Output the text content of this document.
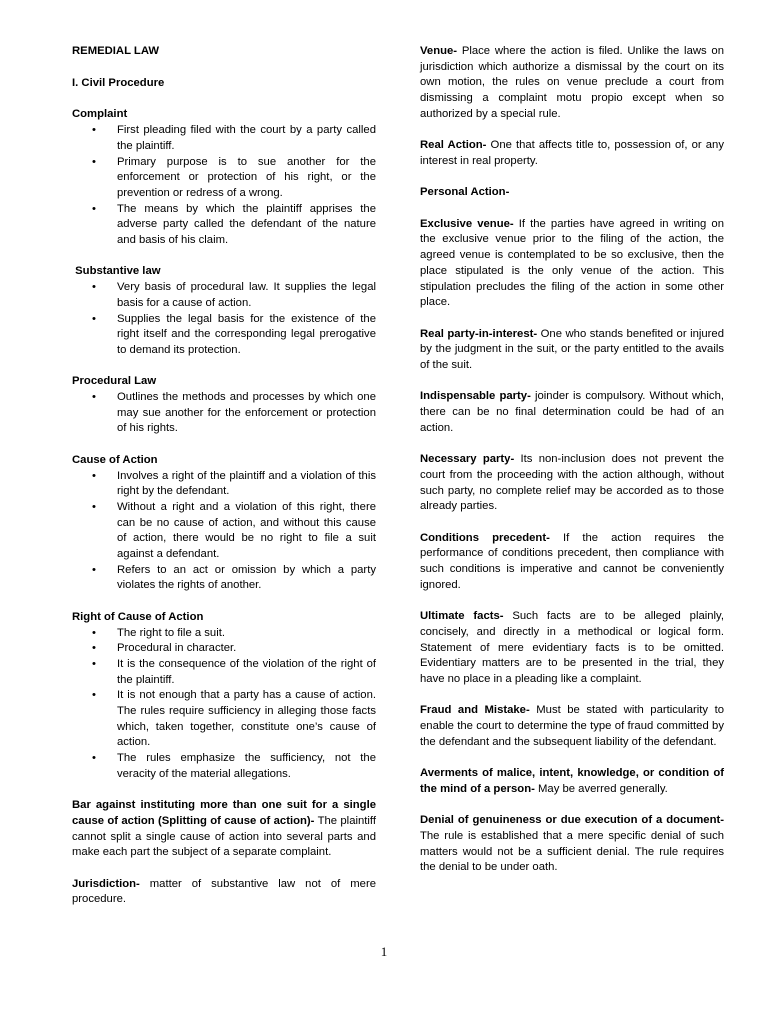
REMEDIAL LAW

I. Civil Procedure

Complaint
• First pleading filed with the court by a party called the plaintiff.
• Primary purpose is to sue another for the enforcement or protection of his right, or the prevention or redress of a wrong.
• The means by which the plaintiff apprises the adverse party called the defendant of the nature and basis of his claim.
Substantive law
• Very basis of procedural law. It supplies the legal basis for a cause of action.
• Supplies the legal basis for the existence of the right itself and the corresponding legal prerogative to demand its protection.
Procedural Law
• Outlines the methods and processes by which one may sue another for the enforcement or protection of his rights.
Cause of Action
• Involves a right of the plaintiff and a violation of this right by the defendant.
• Without a right and a violation of this right, there can be no cause of action, and without this cause of action, there would be no right to file a suit against a defendant.
• Refers to an act or omission by which a party violates the rights of another.
Right of Cause of Action
• The right to file a suit.
• Procedural in character.
• It is the consequence of the violation of the right of the plaintiff.
• It is not enough that a party has a cause of action. The rules require sufficiency in alleging those facts which, taken together, constitute one’s cause of action.
• The rules emphasize the sufficiency, not the veracity of the material allegations.

Bar against instituting more than one suit for a single cause of action (Splitting of cause of action)- The plaintiff cannot split a single cause of action into several parts and make each part the subject of a separate complaint.

Jurisdiction- matter of substantive law not of mere procedure.

Venue- Place where the action is filed. Unlike the laws on jurisdiction which authorize a dismissal by the court on its own motion, the rules on venue preclude a court from dismissing a complaint motu propio except when so authorized by a special rule.

Real Action- One that affects title to, possession of, or any interest in real property.

Personal Action-

Exclusive venue- If the parties have agreed in writing on the exclusive venue prior to the filing of the action, the agreed venue is contemplated to be so exclusive, then the place stipulated is the only venue of the action. This stipulation precludes the filing of the action in some other place.

Real party-in-interest- One who stands benefited or injured by the judgment in the suit, or the party entitled to the avails of the suit.

Indispensable party- joinder is compulsory. Without which, there can be no final determination could be had of an action.

Necessary party- Its non-inclusion does not prevent the court from the proceeding with the action although, without such party, no complete relief may be accorded as to those already parties.

Conditions precedent- If the action requires the performance of conditions precedent, then compliance with such conditions is imperative and cannot be conveniently ignored.

Ultimate facts- Such facts are to be alleged plainly, concisely, and directly in a methodical or logical form. Statement of mere evidentiary facts is to be omitted. Evidentiary matters are to be presented in the trial, they have no place in a pleading like a complaint.

Fraud and Mistake- Must be stated with particularity to enable the court to determine the type of fraud committed by the defendant and the subsequent liability of the defendant.

Averments of malice, intent, knowledge, or condition of the mind of a person- May be averred generally.

Denial of genuineness or due execution of a document- The rule is established that a mere specific denial of such matters would not be a sufficient denial. The rule requires the denial to be under oath.

1
